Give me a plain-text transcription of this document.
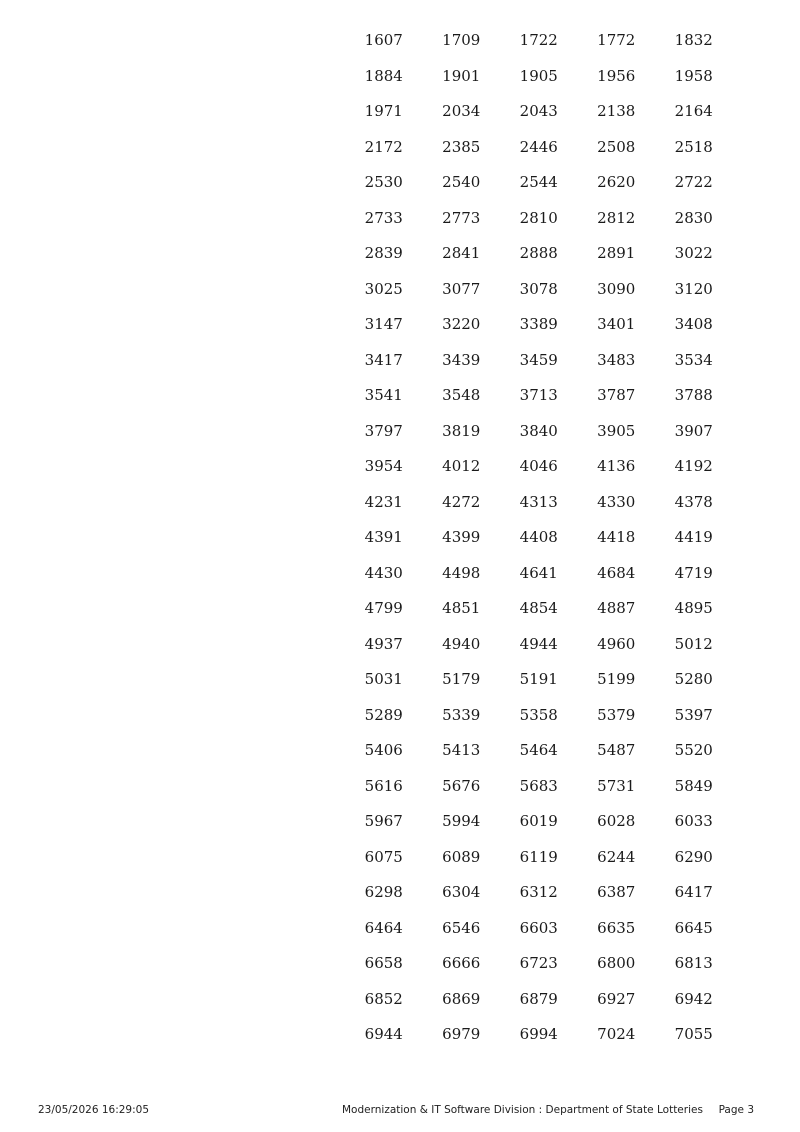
1607	1709	1722	1772	1832
1884	1901	1905	1956	1958
1971	2034	2043	2138	2164
2172	2385	2446	2508	2518
2530	2540	2544	2620	2722
2733	2773	2810	2812	2830
2839	2841	2888	2891	3022
3025	3077	3078	3090	3120
3147	3220	3389	3401	3408
3417	3439	3459	3483	3534
3541	3548	3713	3787	3788
3797	3819	3840	3905	3907
3954	4012	4046	4136	4192
4231	4272	4313	4330	4378
4391	4399	4408	4418	4419
4430	4498	4641	4684	4719
4799	4851	4854	4887	4895
4937	4940	4944	4960	5012
5031	5179	5191	5199	5280
5289	5339	5358	5379	5397
5406	5413	5464	5487	5520
5616	5676	5683	5731	5849
5967	5994	6019	6028	6033
6075	6089	6119	6244	6290
6298	6304	6312	6387	6417
6464	6546	6603	6635	6645
6658	6666	6723	6800	6813
6852	6869	6879	6927	6942
6944	6979	6994	7024	7055
23/05/2026 16:29:05	Modernization & IT Software Division : Department of State Lotteries Page 3
